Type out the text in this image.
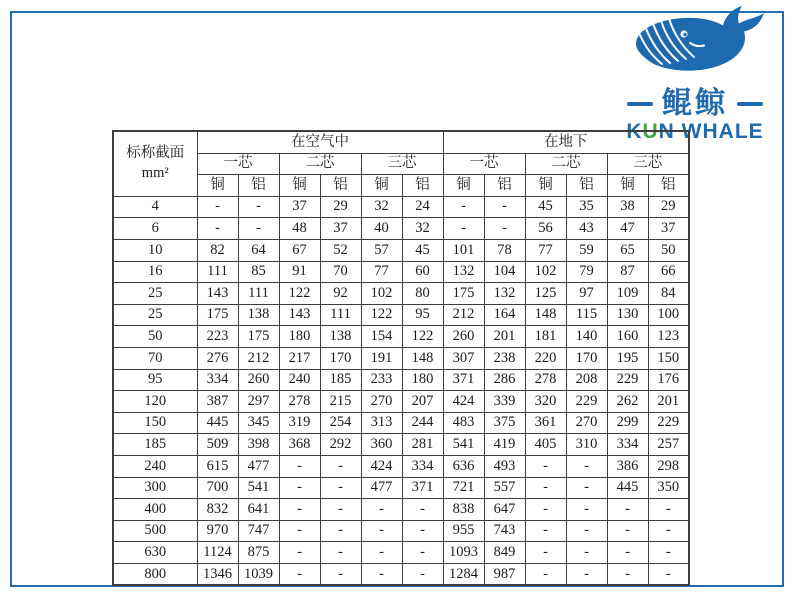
鲲鲸
KUN WHALE
标称截面
mm²	在空气中						在地下					
	一芯		二芯		三芯		一芯		二芯		三芯	
	铜	铝	铜	铝	铜	铝	铜	铝	铜	铝	铜	铝
4	-	-	37	29	32	24	-	-	45	35	38	29
6	-	-	48	37	40	32	-	-	56	43	47	37
10	82	64	67	52	57	45	101	78	77	59	65	50
16	111	85	91	70	77	60	132	104	102	79	87	66
25	143	111	122	92	102	80	175	132	125	97	109	84
25	175	138	143	111	122	95	212	164	148	115	130	100
50	223	175	180	138	154	122	260	201	181	140	160	123
70	276	212	217	170	191	148	307	238	220	170	195	150
95	334	260	240	185	233	180	371	286	278	208	229	176
120	387	297	278	215	270	207	424	339	320	229	262	201
150	445	345	319	254	313	244	483	375	361	270	299	229
185	509	398	368	292	360	281	541	419	405	310	334	257
240	615	477	-	-	424	334	636	493	-	-	386	298
300	700	541	-	-	477	371	721	557	-	-	445	350
400	832	641	-	-	-	-	838	647	-	-	-	-
500	970	747	-	-	-	-	955	743	-	-	-	-
630	1124	875	-	-	-	-	1093	849	-	-	-	-
800	1346	1039	-	-	-	-	1284	987	-	-	-	-
